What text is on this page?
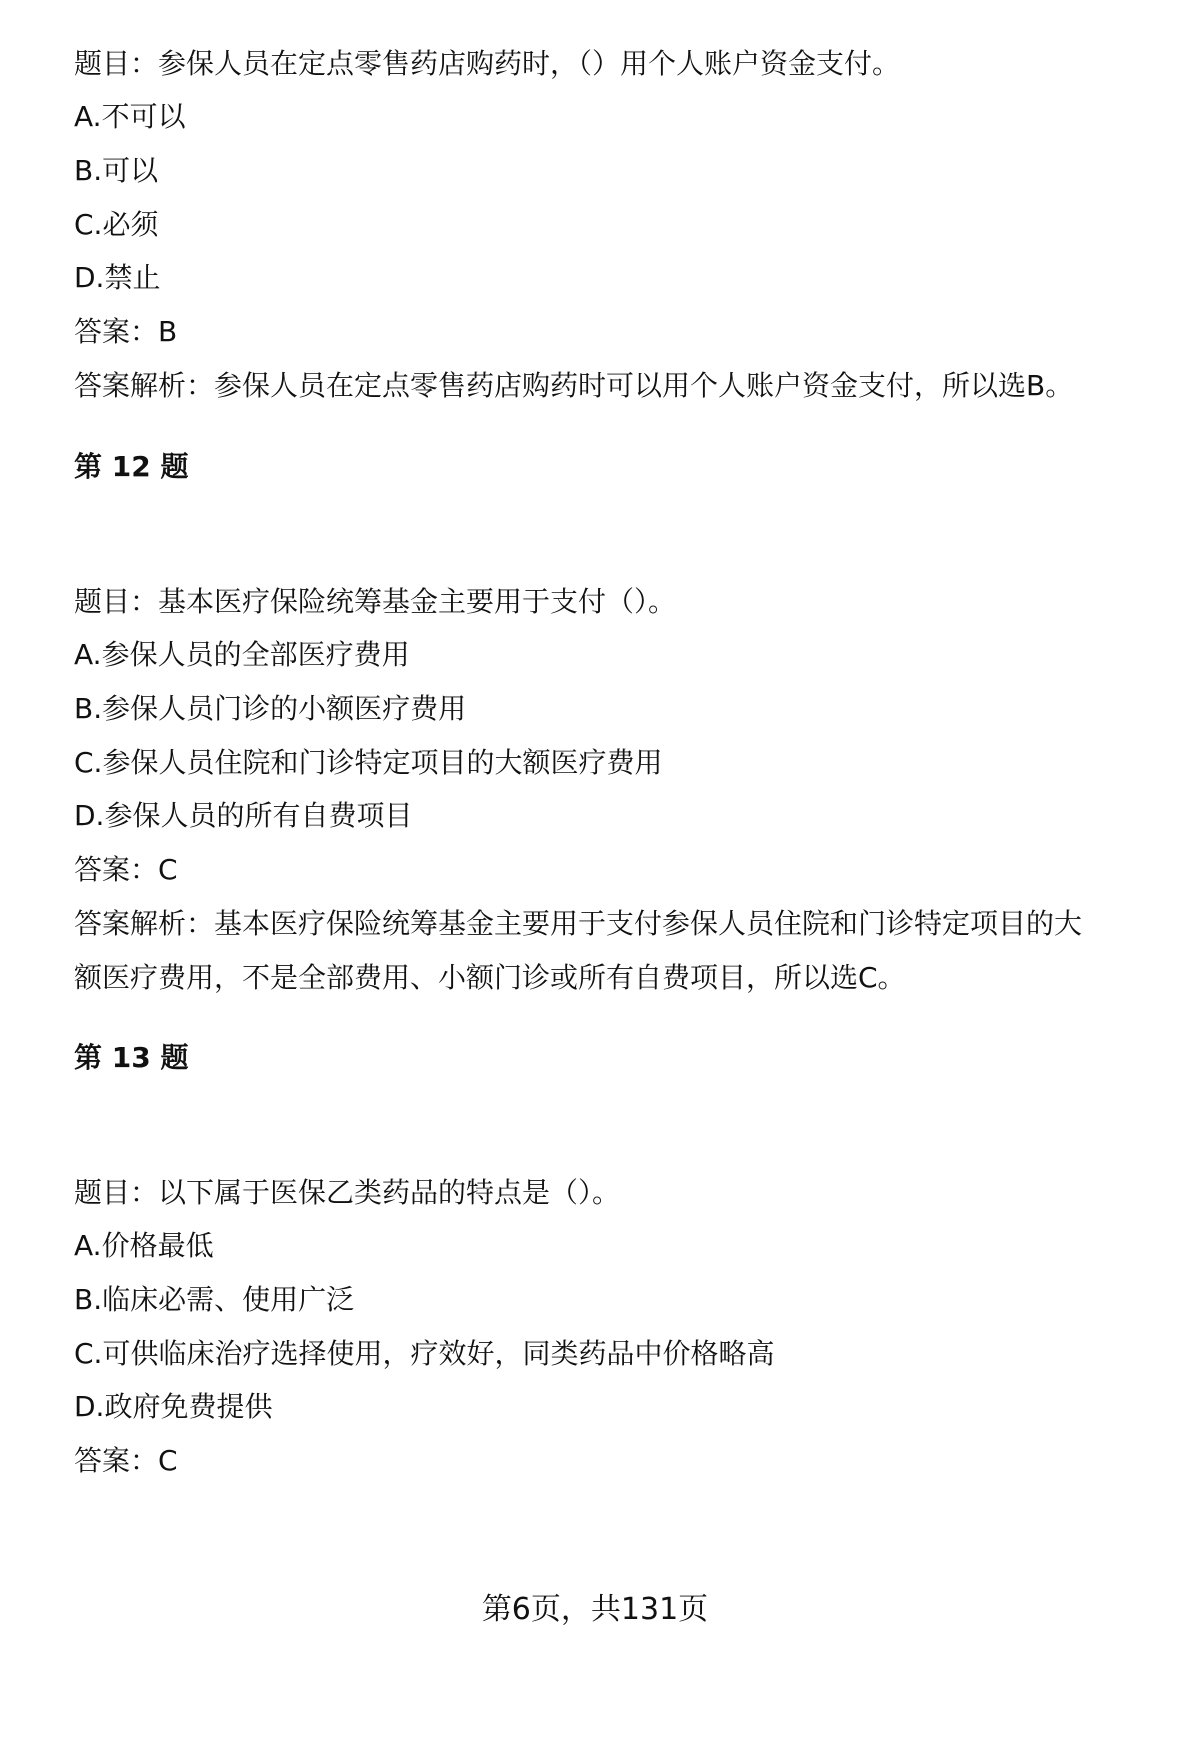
题目：参保人员在定点零售药店购药时，（）用个人账户资金支付。
A.不可以
B.可以
C.必须
D.禁止
答案：B
答案解析：参保人员在定点零售药店购药时可以用个人账户资金支付，所以选B。
第 12 题
题目：基本医疗保险统筹基金主要用于支付（）。
A.参保人员的全部医疗费用
B.参保人员门诊的小额医疗费用
C.参保人员住院和门诊特定项目的大额医疗费用
D.参保人员的所有自费项目
答案：C
答案解析：基本医疗保险统筹基金主要用于支付参保人员住院和门诊特定项目的大
额医疗费用，不是全部费用、小额门诊或所有自费项目，所以选C。
第 13 题
题目：以下属于医保乙类药品的特点是（）。
A.价格最低
B.临床必需、使用广泛
C.可供临床治疗选择使用，疗效好，同类药品中价格略高
D.政府免费提供
答案：C
第6页，共131页
